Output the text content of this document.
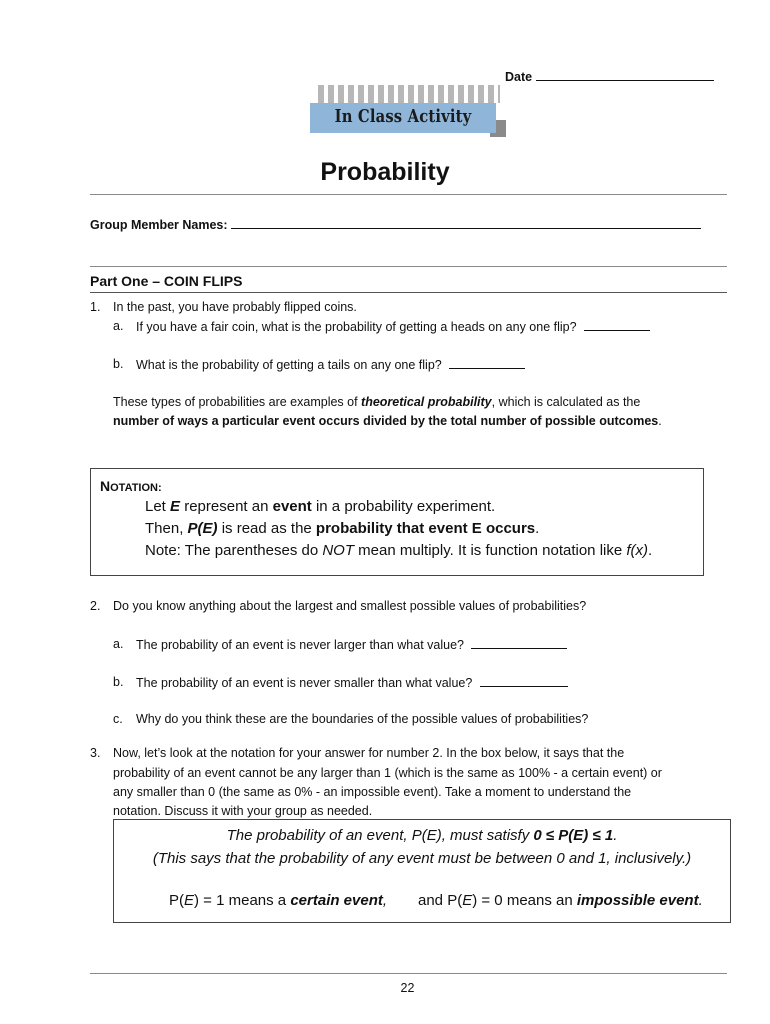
Date
In Class Activity
Probability
Group Member Names:
Part One – COIN FLIPS
1. In the past, you have probably flipped coins.
a. If you have a fair coin, what is the probability of getting a heads on any one flip?
b. What is the probability of getting a tails on any one flip?
These types of probabilities are examples of theoretical probability, which is calculated as the
number of ways a particular event occurs divided by the total number of possible outcomes.
NOTATION:
Let E represent an event in a probability experiment.
Then, P(E) is read as the probability that event E occurs.
Note: The parentheses do NOT mean multiply. It is function notation like f(x).
2. Do you know anything about the largest and smallest possible values of probabilities?
a. The probability of an event is never larger than what value?
b. The probability of an event is never smaller than what value?
c. Why do you think these are the boundaries of the possible values of probabilities?
3. Now, let’s look at the notation for your answer for number 2. In the box below, it says that the
probability of an event cannot be any larger than 1 (which is the same as 100% - a certain event) or
any smaller than 0 (the same as 0% - an impossible event). Take a moment to understand the
notation. Discuss it with your group as needed.
The probability of an event, P(E), must satisfy 0 ≤ P(E) ≤ 1.
(This says that the probability of any event must be between 0 and 1, inclusively.)
P(E) = 1 means a certain event, and P(E) = 0 means an impossible event.
22
